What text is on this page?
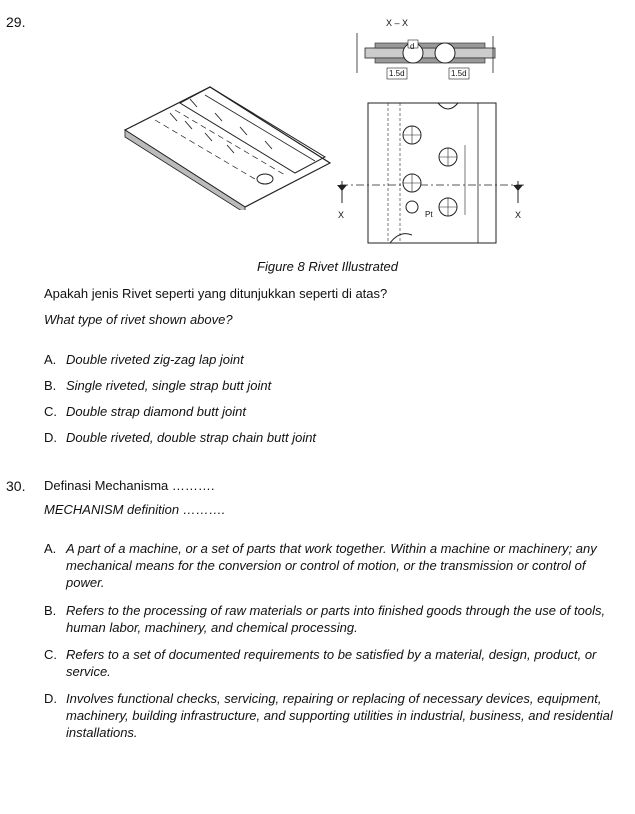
29.	X – X
d
1.5d	1.5d
X	X
Pt
Figure 8 Rivet Illustrated
Apakah jenis Rivet seperti yang ditunjukkan seperti di atas?
What type of rivet shown above?
A. Double riveted zig-zag lap joint
B. Single riveted, single strap butt joint
C. Double strap diamond butt joint
D. Double riveted, double strap chain butt joint
30. Definasi Mechanisma ……….
MECHANISM definition ……….
A. A part of a machine, or a set of parts that work together. Within a machine or machinery; any mechanical means for the conversion or control of motion, or the transmission or control of power.
B. Refers to the processing of raw materials or parts into finished goods through the use of tools, human labor, machinery, and chemical processing.
C. Refers to a set of documented requirements to be satisfied by a material, design, product, or service.
D. Involves functional checks, servicing, repairing or replacing of necessary devices, equipment, machinery, building infrastructure, and supporting utilities in industrial, business, and residential installations.
